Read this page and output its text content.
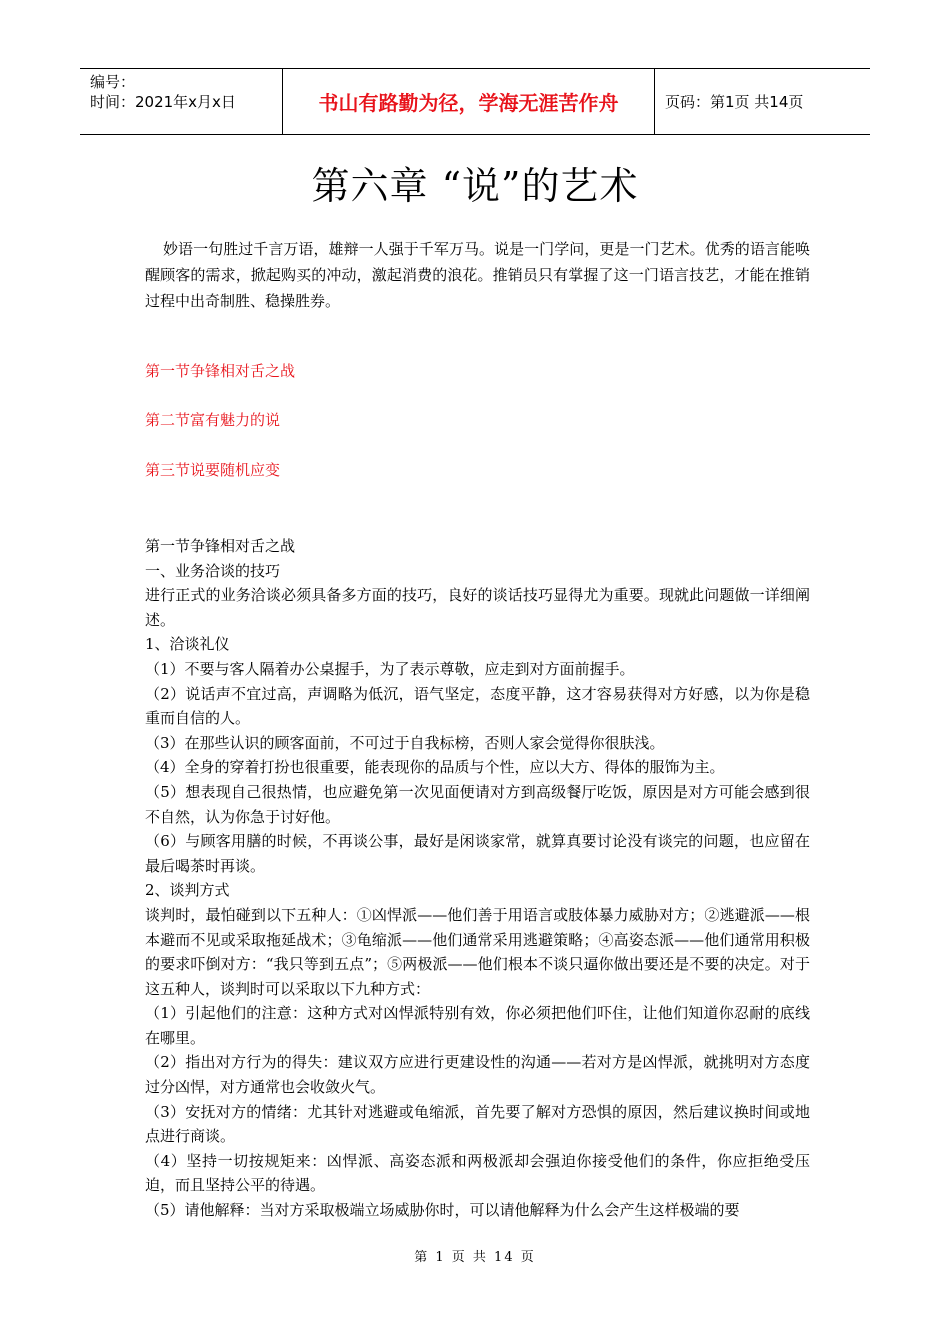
编号：
时间：2021年x月x日	书山有路勤为径，学海无涯苦作舟	页码：第1页 共14页
第六章 “说”的艺术
妙语一句胜过千言万语，雄辩一人强于千军万马。说是一门学问，更是一门艺术。优秀的语言能唤醒顾客的需求，掀起购买的冲动，激起消费的浪花。推销员只有掌握了这一门语言技艺，才能在推销过程中出奇制胜、稳操胜券。
第一节争锋相对舌之战
第二节富有魅力的说
第三节说要随机应变

第一节争锋相对舌之战

一、业务洽谈的技巧

进行正式的业务洽谈必须具备多方面的技巧，良好的谈话技巧显得尤为重要。现就此问题做一详细阐述。

1、洽谈礼仪

（1）不要与客人隔着办公桌握手，为了表示尊敬，应走到对方面前握手。

（2）说话声不宜过高，声调略为低沉，语气坚定，态度平静，这才容易获得对方好感，以为你是稳重而自信的人。

（3）在那些认识的顾客面前，不可过于自我标榜，否则人家会觉得你很肤浅。

（4）全身的穿着打扮也很重要，能表现你的品质与个性，应以大方、得体的服饰为主。

（5）想表现自己很热情，也应避免第一次见面便请对方到高级餐厅吃饭，原因是对方可能会感到很不自然，认为你急于讨好他。

（6）与顾客用膳的时候，不再谈公事，最好是闲谈家常，就算真要讨论没有谈完的问题，也应留在最后喝茶时再谈。

2、谈判方式

谈判时，最怕碰到以下五种人：①凶悍派——他们善于用语言或肢体暴力威胁对方；②逃避派——根本避而不见或采取拖延战术；③龟缩派——他们通常采用逃避策略；④高姿态派——他们通常用积极的要求吓倒对方：“我只等到五点”；⑤两极派——他们根本不谈只逼你做出要还是不要的决定。对于这五种人，谈判时可以采取以下九种方式：

（1）引起他们的注意：这种方式对凶悍派特别有效，你必须把他们吓住，让他们知道你忍耐的底线在哪里。

（2）指出对方行为的得失：建议双方应进行更建设性的沟通——若对方是凶悍派，就挑明对方态度过分凶悍，对方通常也会收敛火气。

（3）安抚对方的情绪：尤其针对逃避或龟缩派，首先要了解对方恐惧的原因，然后建议换时间或地点进行商谈。

（4）坚持一切按规矩来：凶悍派、高姿态派和两极派却会强迫你接受他们的条件，你应拒绝受压迫，而且坚持公平的待遇。

（5）请他解释：当对方采取极端立场威胁你时，可以请他解释为什么会产生这样极端的要

第 1 页 共 14 页
